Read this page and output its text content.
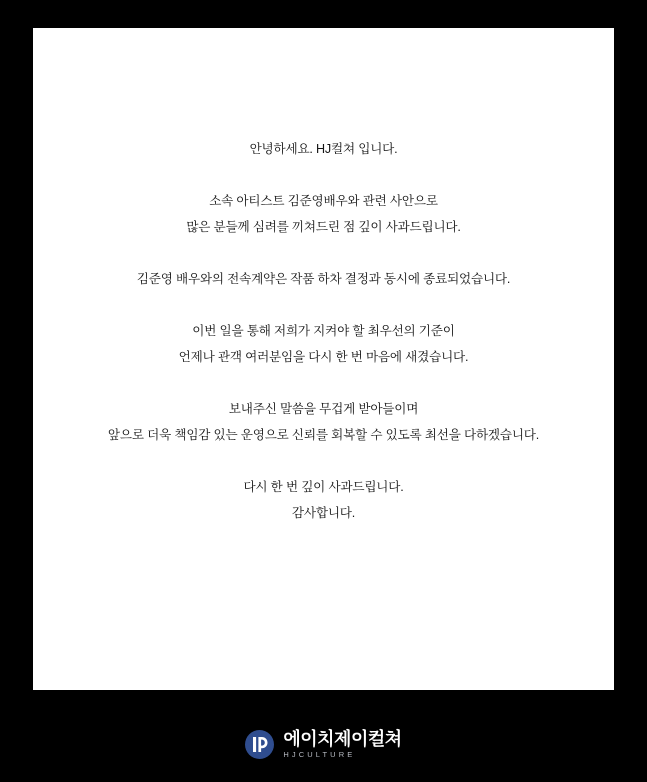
안녕하세요. HJ컬쳐 입니다.

소속 아티스트 김준영배우와 관련 사안으로
많은 분들께 심려를 끼쳐드린 점 깊이 사과드립니다.

김준영 배우와의 전속계약은 작품 하차 결정과 동시에 종료되었습니다.

이번 일을 통해 저희가 지켜야 할 최우선의 기준이
언제나 관객 여러분임을 다시 한 번 마음에 새겼습니다.

보내주신 말씀을 무겁게 받아들이며
앞으로 더욱 책임감 있는 운영으로 신뢰를 회복할 수 있도록 최선을 다하겠습니다.

다시 한 번 깊이 사과드립니다.
감사합니다.

에이치제이컬쳐
HJCULTURE
